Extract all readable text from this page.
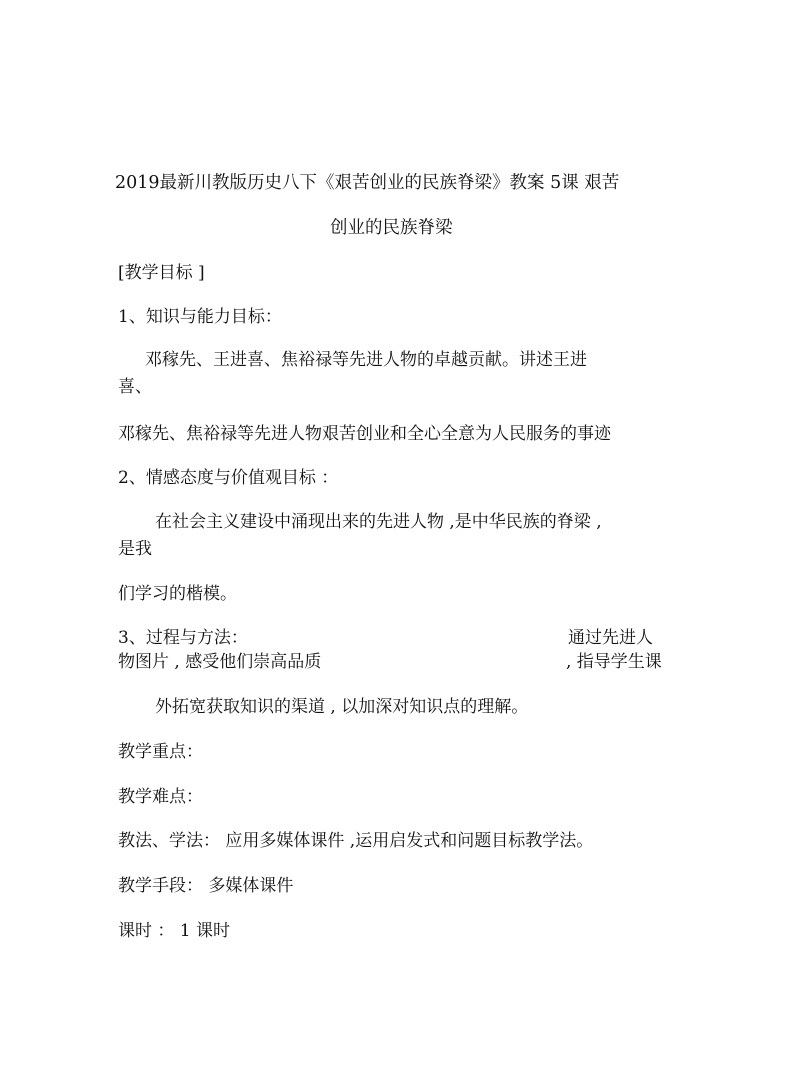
2019最新川教版历史八下《艰苦创业的民族脊梁》教案 5课 艰苦
创业的民族脊梁
[教学目标 ]
1、知识与能力目标：
邓稼先、王进喜、焦裕禄等先进人物的卓越贡献。讲述王进
喜、
邓稼先、焦裕禄等先进人物艰苦创业和全心全意为人民服务的事迹
2、情感态度与价值观目标 ：
在社会主义建设中涌现出来的先进人物 ,是中华民族的脊梁 ,
是我
们学习的楷模。
3、过程与方法：	通过先进人
物图片 , 感受他们崇高品质	, 指导学生课
外拓宽获取知识的渠道 , 以加深对知识点的理解。
教学重点：
教学难点：
教法、学法： 应用多媒体课件 ,运用启发式和问题目标教学法。
教学手段： 多媒体课件
课时 ： 1 课时
